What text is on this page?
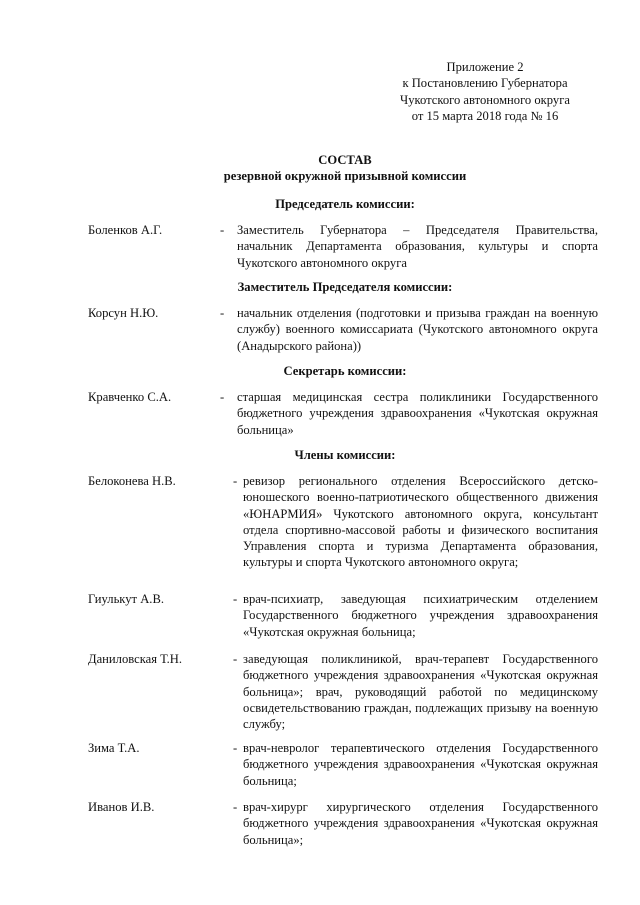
Приложение 2
к Постановлению Губернатора
Чукотского автономного округа
от 15 марта 2018 года № 16
СОСТАВ
резервной окружной призывной комиссии
Председатель комиссии:
Боленков А.Г.	- Заместитель Губернатора – Председателя Правительства, начальник Департамента образования, культуры и спорта Чукотского автономного округа
Заместитель Председателя комиссии:
Корсун Н.Ю.	- начальник отделения (подготовки и призыва граждан на военную службу) военного комиссариата (Чукотского автономного округа (Анадырского района))
Секретарь комиссии:
Кравченко С.А.	- старшая медицинская сестра поликлиники Государственного бюджетного учреждения здравоохранения «Чукотская окружная больница»
Члены комиссии:
Белоконева Н.В.	- ревизор регионального отделения Всероссийского детско-юношеского военно-патриотического общественного движения «ЮНАРМИЯ» Чукотского автономного округа, консультант отдела спортивно-массовой работы и физического воспитания Управления спорта и туризма Департамента образования, культуры и спорта Чукотского автономного округа;
Гиулькут А.В.	- врач-психиатр, заведующая психиатрическим отделением Государственного бюджетного учреждения здравоохранения «Чукотская окружная больница;
Даниловская Т.Н.	- заведующая поликлиникой, врач-терапевт Государственного бюджетного учреждения здравоохранения «Чукотская окружная больница»; врач, руководящий работой по медицинскому освидетельствованию граждан, подлежащих призыву на военную службу;
Зима Т.А.	- врач-невролог терапевтического отделения Государственного бюджетного учреждения здравоохранения «Чукотская окружная больница;
Иванов И.В.	- врач-хирург хирургического отделения Государственного бюджетного учреждения здравоохранения «Чукотская окружная больница»;
